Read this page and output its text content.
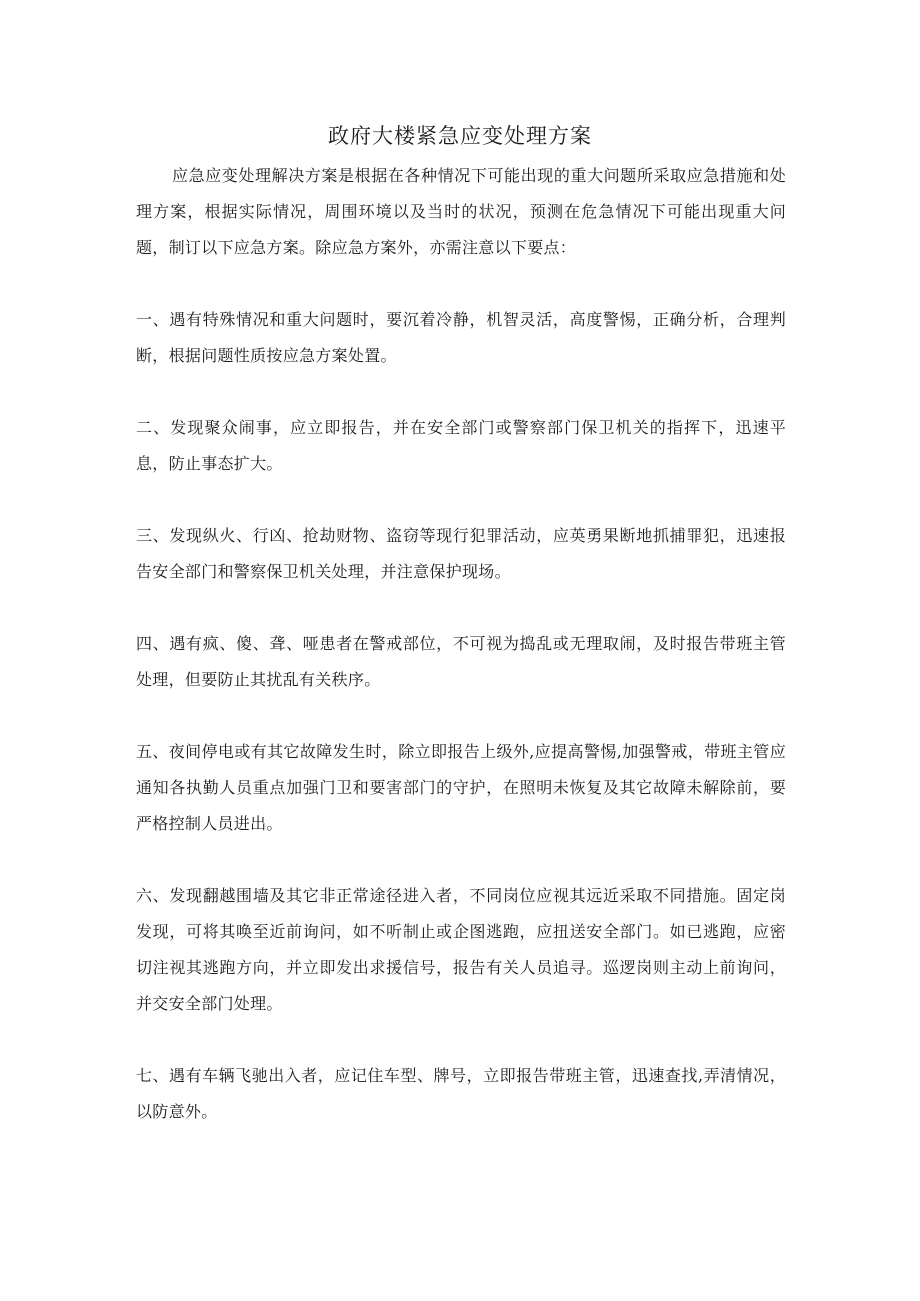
政府大楼紧急应变处理方案

应急应变处理解决方案是根据在各种情况下可能出现的重大问题所采取应急措施和处理方案，根据实际情况，周围环境以及当时的状况，预测在危急情况下可能出现重大问题，制订以下应急方案。除应急方案外，亦需注意以下要点：

一、遇有特殊情况和重大问题时，要沉着冷静，机智灵活，高度警惕，正确分析，合理判断，根据问题性质按应急方案处置。

二、发现聚众闹事，应立即报告，并在安全部门或警察部门保卫机关的指挥下，迅速平息，防止事态扩大。

三、发现纵火、行凶、抢劫财物、盗窃等现行犯罪活动，应英勇果断地抓捕罪犯，迅速报告安全部门和警察保卫机关处理，并注意保护现场。

四、遇有疯、傻、聋、哑患者在警戒部位，不可视为捣乱或无理取闹，及时报告带班主管处理，但要防止其扰乱有关秩序。

五、夜间停电或有其它故障发生时，除立即报告上级外,应提高警惕,加强警戒，带班主管应通知各执勤人员重点加强门卫和要害部门的守护，在照明未恢复及其它故障未解除前，要严格控制人员进出。

六、发现翻越围墙及其它非正常途径进入者，不同岗位应视其远近采取不同措施。固定岗发现，可将其唤至近前询问，如不听制止或企图逃跑，应扭送安全部门。如已逃跑，应密切注视其逃跑方向，并立即发出求援信号，报告有关人员追寻。巡逻岗则主动上前询问，并交安全部门处理。

七、遇有车辆飞驰出入者，应记住车型、牌号，立即报告带班主管，迅速查找,弄清情况，以防意外。
